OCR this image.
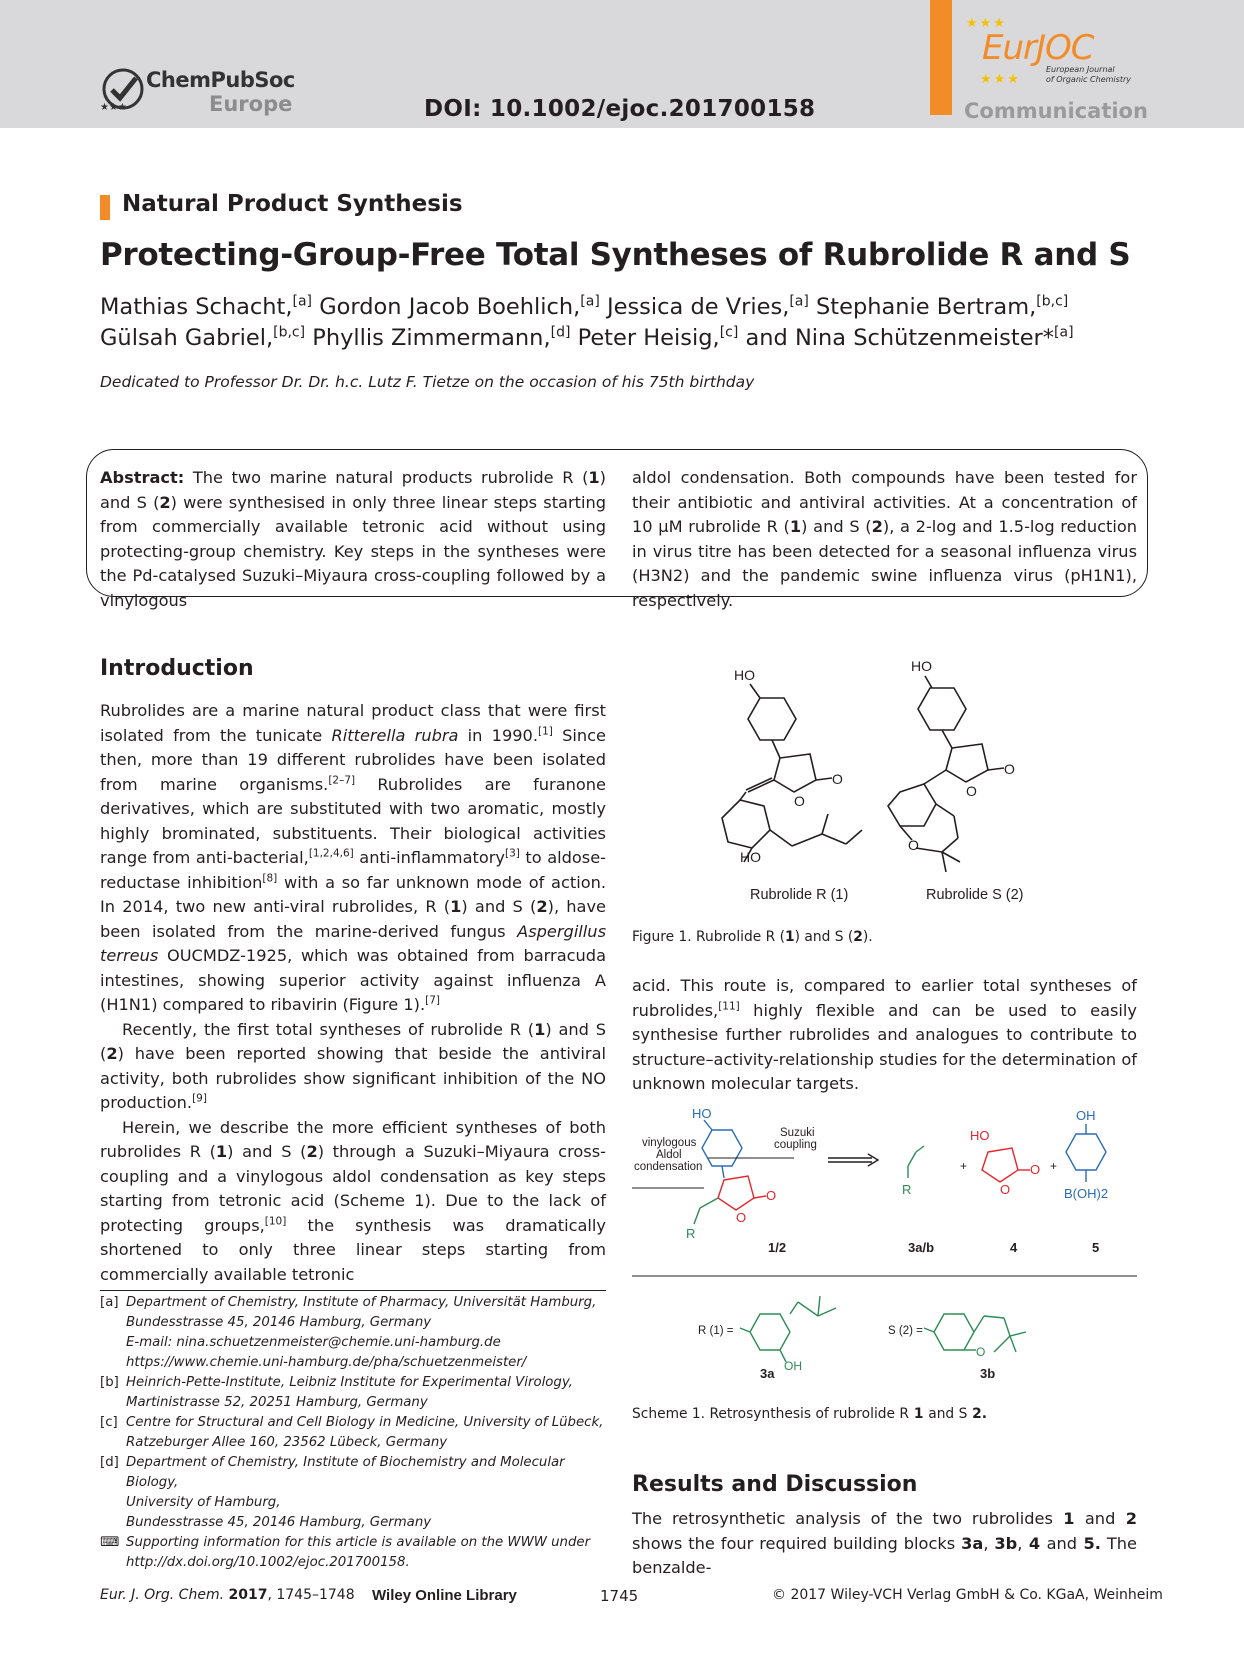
★★★
ChemPubSoc
Europe	DOI: 10.1002/ejoc.201700158
★★★
★★★
EurJOC
European Journal
of Organic Chemistry
Communication
Natural Product Synthesis
Protecting-Group-Free Total Syntheses of Rubrolide R and S
Mathias Schacht,[a] Gordon Jacob Boehlich,[a] Jessica de Vries,[a] Stephanie Bertram,[b,c]
Gülsah Gabriel,[b,c] Phyllis Zimmermann,[d] Peter Heisig,[c] and Nina Schützenmeister*[a]
Dedicated to Professor Dr. Dr. h.c. Lutz F. Tietze on the occasion of his 75th birthday
Abstract: The two marine natural products rubrolide R (1) and S (2) were synthesised in only three linear steps starting from commercially available tetronic acid without using protecting-group chemistry. Key steps in the syntheses were the Pd-catalysed Suzuki–Miyaura cross-coupling followed by a vinylogous
aldol condensation. Both compounds have been tested for their antibiotic and antiviral activities. At a concentration of 10 µM rubrolide R (1) and S (2), a 2-log and 1.5-log reduction in virus titre has been detected for a seasonal influenza virus (H3N2) and the pandemic swine influenza virus (pH1N1), respectively.
Introduction

Rubrolides are a marine natural product class that were first isolated from the tunicate Ritterella rubra in 1990.[1] Since then, more than 19 different rubrolides have been isolated from marine organisms.[2–7] Rubrolides are furanone derivatives, which are substituted with two aromatic, mostly highly brominated, substituents. Their biological activities range from anti-bacterial,[1,2,4,6] anti-inflammatory[3] to aldose-reductase inhibition[8] with a so far unknown mode of action. In 2014, two new anti-viral rubrolides, R (1) and S (2), have been isolated from the marine-derived fungus Aspergillus terreus OUCMDZ-1925, which was obtained from barracuda intestines, showing superior activity against influenza A (H1N1) compared to ribavirin (Figure 1).[7]

Recently, the first total syntheses of rubrolide R (1) and S (2) have been reported showing that beside the antiviral activity, both rubrolides show significant inhibition of the NO production.[9]

Herein, we describe the more efficient syntheses of both rubrolides R (1) and S (2) through a Suzuki–Miyaura cross-coupling and a vinylogous aldol condensation as key steps starting from tetronic acid (Scheme 1). Due to the lack of protecting groups,[10] the synthesis was dramatically shortened to only three linear steps starting from commercially available tetronic

[a] Department of Chemistry, Institute of Pharmacy, Universität Hamburg,
Bundesstrasse 45, 20146 Hamburg, Germany
E-mail: nina.schuetzenmeister@chemie.uni-hamburg.de
https://www.chemie.uni-hamburg.de/pha/schuetzenmeister/
[b] Heinrich-Pette-Institute, Leibniz Institute for Experimental Virology,
Martinistrasse 52, 20251 Hamburg, Germany
[c] Centre for Structural and Cell Biology in Medicine, University of Lübeck,
Ratzeburger Allee 160, 23562 Lübeck, Germany
[d] Department of Chemistry, Institute of Biochemistry and Molecular Biology,
University of Hamburg,
Bundesstrasse 45, 20146 Hamburg, Germany
⌨ Supporting information for this article is available on the WWW under
http://dx.doi.org/10.1002/ejoc.201700158.
HO
O
O
HO
HO
O
O
O
Rubrolide R (1)	Rubrolide S (2)
Figure 1. Rubrolide R (1) and S (2).
acid. This route is, compared to earlier total syntheses of rubrolides,[11] highly flexible and can be used to easily synthesise further rubrolides and analogues to contribute to structure–activity-relationship studies for the determination of unknown molecular targets.
HO
O
O
R
vinylogous
Aldol
condensation
Suzuki
coupling
R
+
HO
O
O
+
OH
B(OH)2
1/2	3a/b	4	5
R (1) =
OH
3a
S (2) =
O
3b
Scheme 1. Retrosynthesis of rubrolide R 1 and S 2.
Results and Discussion
The retrosynthetic analysis of the two rubrolides 1 and 2 shows the four required building blocks 3a, 3b, 4 and 5. The benzalde-
Eur. J. Org. Chem. 2017, 1745–1748 Wiley Online Library	1745	© 2017 Wiley-VCH Verlag GmbH & Co. KGaA, Weinheim
